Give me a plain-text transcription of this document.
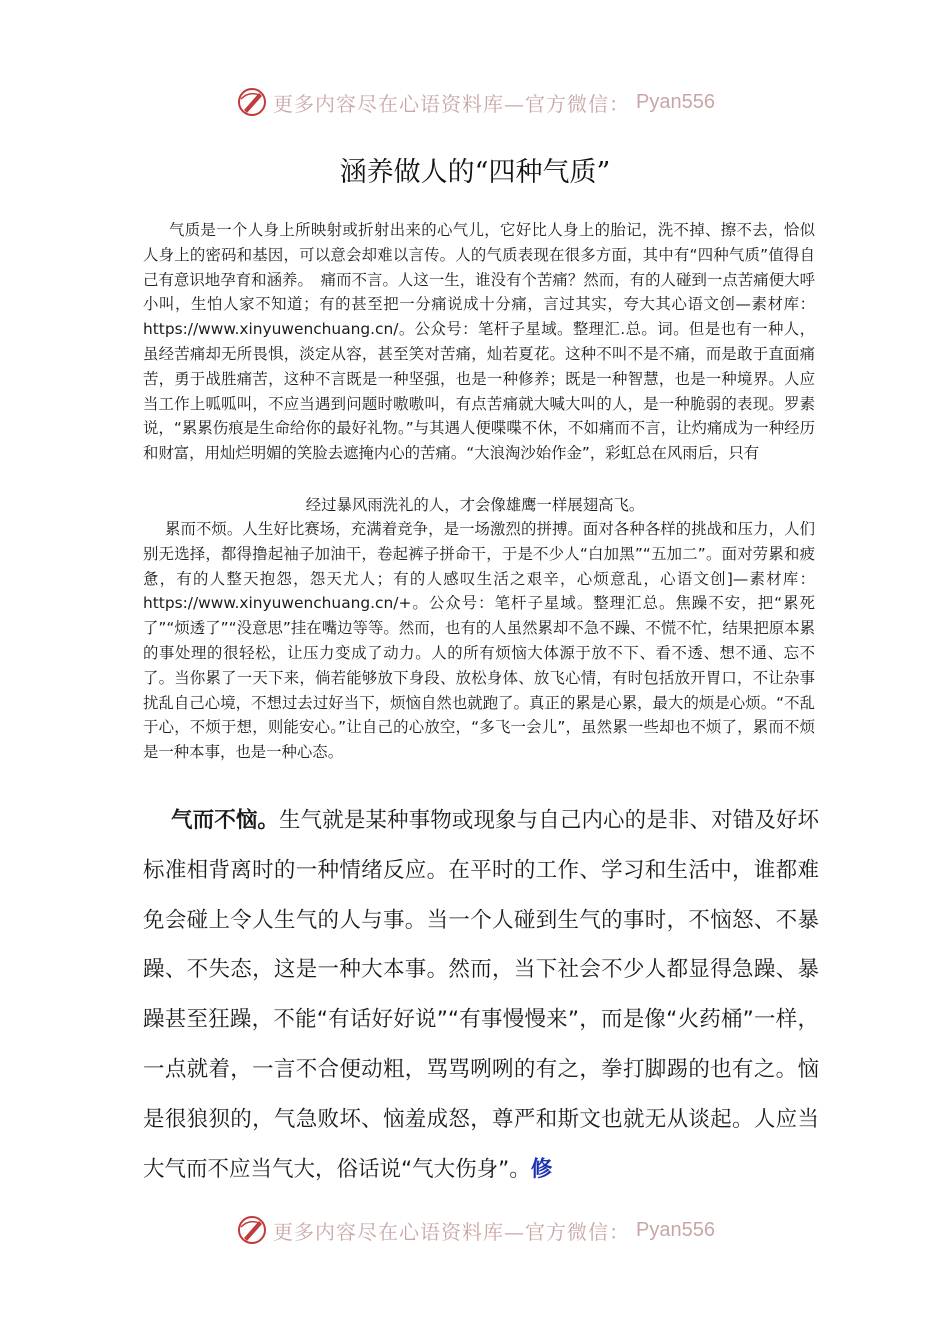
更多内容尽在心语资料库—官方微信： Pyan556
涵养做人的“四种气质”

气质是一个人身上所映射或折射出来的心气儿，它好比人身上的胎记，洗不掉、擦不去，恰似人身上的密码和基因，可以意会却难以言传。人的气质表现在很多方面，其中有“四种气质”值得自己有意识地孕育和涵养。　痛而不言。人这一生，谁没有个苦痛？然而，有的人碰到一点苦痛便大呼小叫，生怕人家不知道；有的甚至把一分痛说成十分痛，言过其实，夸大其心语文创—素材库：https://www.xinyuwenchuang.cn/。公众号：笔杆子星域。整理汇.总。词。但是也有一种人，虽经苦痛却无所畏惧，淡定从容，甚至笑对苦痛，灿若夏花。这种不叫不是不痛，而是敢于直面痛苦，勇于战胜痛苦，这种不言既是一种坚强，也是一种修养；既是一种智慧，也是一种境界。人应当工作上呱呱叫，不应当遇到问题时嗷嗷叫，有点苦痛就大喊大叫的人，是一种脆弱的表现。罗素说，“累累伤痕是生命给你的最好礼物。”与其遇人便喋喋不休，不如痛而不言，让灼痛成为一种经历和财富，用灿烂明媚的笑脸去遮掩内心的苦痛。“大浪淘沙始作金”，彩虹总在风雨后，只有

经过暴风雨洗礼的人，才会像雄鹰一样展翅高飞。

累而不烦。人生好比赛场，充满着竞争，是一场激烈的拼搏。面对各种各样的挑战和压力，人们别无选择，都得撸起袖子加油干，卷起裤子拼命干，于是不少人“白加黑”“五加二”。面对劳累和疲惫，有的人整天抱怨，怨天尤人；有的人感叹生活之艰辛，心烦意乱，心语文创]—素材库：https://www.xinyuwenchuang.cn/+。公众号：笔杆子星域。整理汇总。焦躁不安，把“累死了”“烦透了”“没意思”挂在嘴边等等。然而，也有的人虽然累却不急不躁、不慌不忙，结果把原本累的事处理的很轻松，让压力变成了动力。人的所有烦恼大体源于放不下、看不透、想不通、忘不了。当你累了一天下来，倘若能够放下身段、放松身体、放飞心情，有时包括放开胃口，不让杂事扰乱自己心境，不想过去过好当下，烦恼自然也就跑了。真正的累是心累，最大的烦是心烦。“不乱于心，不烦于想，则能安心。”让自己的心放空，“多飞一会儿”，虽然累一些却也不烦了，累而不烦是一种本事，也是一种心态。

气而不恼。生气就是某种事物或现象与自己内心的是非、对错及好坏标准相背离时的一种情绪反应。在平时的工作、学习和生活中，谁都难免会碰上令人生气的人与事。当一个人碰到生气的事时，不恼怒、不暴躁、不失态，这是一种大本事。然而，当下社会不少人都显得急躁、暴躁甚至狂躁，不能“有话好好说”“有事慢慢来”，而是像“火药桶”一样，一点就着，一言不合便动粗，骂骂咧咧的有之，拳打脚踢的也有之。恼是很狼狈的，气急败坏、恼羞成怒，尊严和斯文也就无从谈起。人应当大气而不应当气大，俗话说“气大伤身”。修

更多内容尽在心语资料库—官方微信： Pyan556
